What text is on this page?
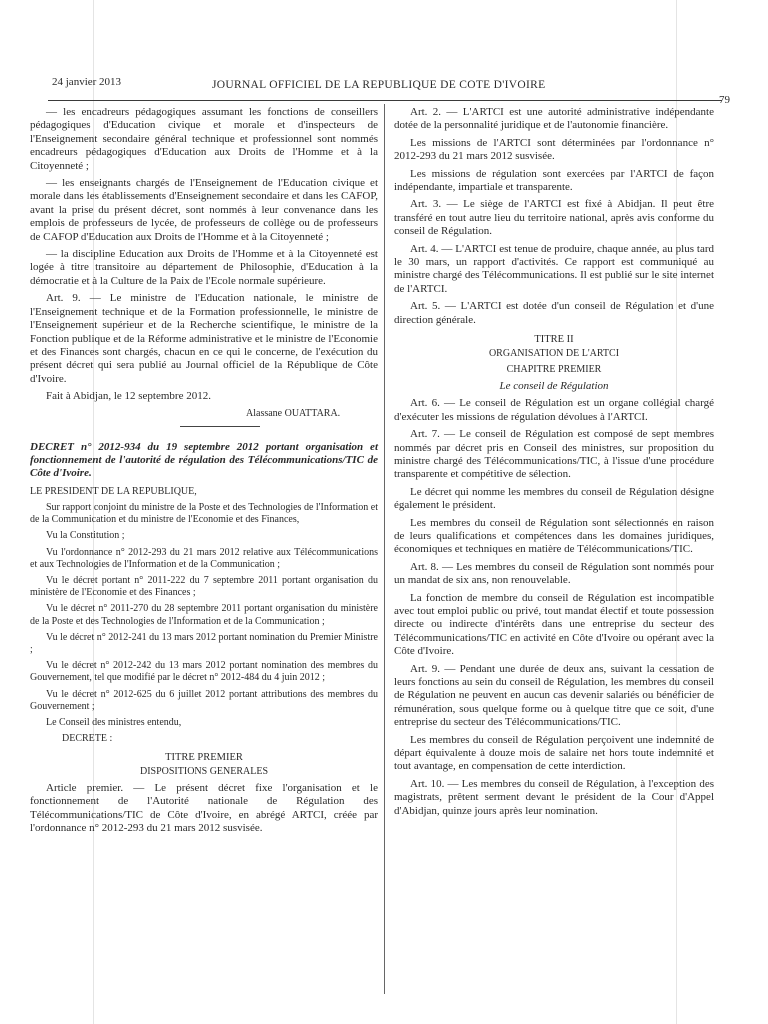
24 janvier 2013	JOURNAL OFFICIEL DE LA REPUBLIQUE DE COTE D'IVOIRE
79

— les encadreurs pédagogiques assumant les fonctions de conseillers pédagogiques d'Education civique et morale et d'inspecteurs de l'Enseignement secondaire général technique et professionnel sont nommés encadreurs pédagogiques d'Education aux Droits de l'Homme et à la Citoyenneté ;

— les enseignants chargés de l'Enseignement de l'Education civique et morale dans les établissements d'Enseignement secondaire et dans les CAFOP, avant la prise du présent décret, sont nommés à leur convenance dans les emplois de professeurs de lycée, de professeurs de collège ou de professeurs de CAFOP d'Education aux Droits de l'Homme et à la Citoyenneté ;

— la discipline Education aux Droits de l'Homme et à la Citoyenneté est logée à titre transitoire au département de Philosophie, d'Education à la démocratie et à la Culture de la Paix de l'Ecole normale supérieure.

Art. 9. — Le ministre de l'Education nationale, le ministre de l'Enseignement technique et de la Formation professionnelle, le ministre de l'Enseignement supérieur et de la Recherche scientifique, le ministre de la Fonction publique et de la Réforme administrative et le ministre de l'Economie et des Finances sont chargés, chacun en ce qui le concerne, de l'exécution du présent décret qui sera publié au Journal officiel de la République de Côte d'Ivoire.

Fait à Abidjan, le 12 septembre 2012.

Alassane OUATTARA.

DECRET n° 2012-934 du 19 septembre 2012 portant organisation et fonctionnement de l'autorité de régulation des Télécommunications/TIC de Côte d'Ivoire.

LE PRESIDENT DE LA REPUBLIQUE,

Sur rapport conjoint du ministre de la Poste et des Technologies de l'Information et de la Communication et du ministre de l'Economie et des Finances,

Vu la Constitution ;

Vu l'ordonnance n° 2012-293 du 21 mars 2012 relative aux Télécommunications et aux Technologies de l'Information et de la Communication ;

Vu le décret portant n° 2011-222 du 7 septembre 2011 portant organisation du ministère de l'Economie et des Finances ;

Vu le décret n° 2011-270 du 28 septembre 2011 portant organisation du ministère de la Poste et des Technologies de l'Information et de la Communication ;

Vu le décret n° 2012-241 du 13 mars 2012 portant nomination du Premier Ministre ;

Vu le décret n° 2012-242 du 13 mars 2012 portant nomination des membres du Gouvernement, tel que modifié par le décret n° 2012-484 du 4 juin 2012 ;

Vu le décret n° 2012-625 du 6 juillet 2012 portant attributions des membres du Gouvernement ;

Le Conseil des ministres entendu,

DECRETE :

TITRE PREMIER

DISPOSITIONS GENERALES

Article premier. — Le présent décret fixe l'organisation et le fonctionnement de l'Autorité nationale de Régulation des Télécommunications/TIC de Côte d'Ivoire, en abrégé ARTCI, créée par l'ordonnance n° 2012-293 du 21 mars 2012 susvisée.

Art. 2. — L'ARTCI est une autorité administrative indépendante dotée de la personnalité juridique et de l'autonomie financière.

Les missions de l'ARTCI sont déterminées par l'ordonnance n° 2012-293 du 21 mars 2012 susvisée.

Les missions de régulation sont exercées par l'ARTCI de façon indépendante, impartiale et transparente.

Art. 3. — Le siège de l'ARTCI est fixé à Abidjan. Il peut être transféré en tout autre lieu du territoire national, après avis conforme du conseil de Régulation.

Art. 4. — L'ARTCI est tenue de produire, chaque année, au plus tard le 30 mars, un rapport d'activités. Ce rapport est communiqué au ministre chargé des Télécommunications. Il est publié sur le site internet de l'ARTCI.

Art. 5. — L'ARTCI est dotée d'un conseil de Régulation et d'une direction générale.

TITRE II

ORGANISATION DE L'ARTCI

CHAPITRE PREMIER

Le conseil de Régulation

Art. 6. — Le conseil de Régulation est un organe collégial chargé d'exécuter les missions de régulation dévolues à l'ARTCI.

Art. 7. — Le conseil de Régulation est composé de sept membres nommés par décret pris en Conseil des ministres, sur proposition du ministre chargé des Télécommunications/TIC, à l'issue d'une procédure transparente et compétitive de sélection.

Le décret qui nomme les membres du conseil de Régulation désigne également le président.

Les membres du conseil de Régulation sont sélectionnés en raison de leurs qualifications et compétences dans les domaines juridiques, économiques et techniques en matière de Télécommunications/TIC.

Art. 8. — Les membres du conseil de Régulation sont nommés pour un mandat de six ans, non renouvelable.

La fonction de membre du conseil de Régulation est incompatible avec tout emploi public ou privé, tout mandat électif et toute possession directe ou indirecte d'intérêts dans une entreprise du secteur des Télécommunications/TIC en activité en Côte d'Ivoire ou opérant avec la Côte d'Ivoire.

Art. 9. — Pendant une durée de deux ans, suivant la cessation de leurs fonctions au sein du conseil de Régulation, les membres du conseil de Régulation ne peuvent en aucun cas devenir salariés ou bénéficier de rémunération, sous quelque forme ou à quelque titre que ce soit, d'une entreprise du secteur des Télécommunications/TIC.

Les membres du conseil de Régulation perçoivent une indemnité de départ équivalente à douze mois de salaire net hors toute indemnité et tout avantage, en compensation de cette interdiction.

Art. 10. — Les membres du conseil de Régulation, à l'exception des magistrats, prêtent serment devant le président de la Cour d'Appel d'Abidjan, quinze jours après leur nomination.
